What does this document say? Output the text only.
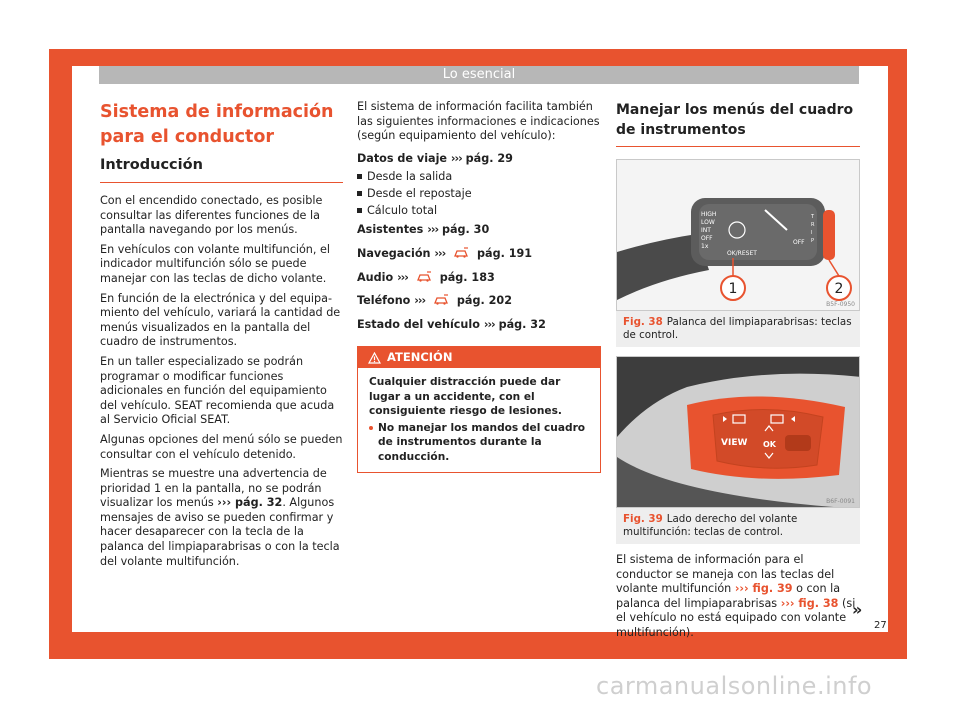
Lo esencial
Sistema de información para el conductor
Introducción
Con el encendido conectado, es posible consultar las diferentes funciones de la pantalla navegando por los menús.
En vehículos con volante multifunción, el indicador multifunción sólo se puede manejar con las teclas de dicho volante.
En función de la electrónica y del equipamiento del vehículo, variará la cantidad de menús visualizados en la pantalla del cuadro de instrumentos.
En un taller especializado se podrán programar o modificar funciones adicionales en función del equipamiento del vehículo. SEAT recomienda que acuda al Servicio Oficial SEAT.
Algunas opciones del menú sólo se pueden consultar con el vehículo detenido.
Mientras se muestre una advertencia de prioridad 1 en la pantalla, no se podrán visualizar los menús ››› pág. 32. Algunos mensajes de aviso se pueden confirmar y hacer desaparecer con la tecla de la palanca del limpiaparabrisas o con la tecla del volante multifunción.
El sistema de información facilita también las siguientes informaciones e indicaciones (según equipamiento del vehículo):
Datos de viaje ››› pág. 29
Desde la salida
Desde el repostaje
Cálculo total
Asistentes ››› pág. 30
Navegación ›››	pág. 191
Audio ›››	pág. 183
Teléfono ›››	pág. 202
Estado del vehículo ››› pág. 32
ATENCIÓN
Cualquier distracción puede dar lugar a un accidente, con el consiguiente riesgo de lesiones.
No manejar los mandos del cuadro de instrumentos durante la conducción.
Manejar los menús del cuadro de instrumentos
HIGH
LOW
INT
OFF
1x
OK/RESET
OFF
T
R
I
P
1	2
B5F-0950
Fig. 38 Palanca del limpiaparabrisas: teclas de control.
VIEW OK
B6F-0091
Fig. 39 Lado derecho del volante multifunción: teclas de control.
El sistema de información para el conductor se maneja con las teclas del volante multifunción ››› fig. 39 o con la palanca del limpiaparabrisas ››› fig. 38 (si el vehículo no está equipado con volante multifunción).
»
27
carmanualsonline.info
